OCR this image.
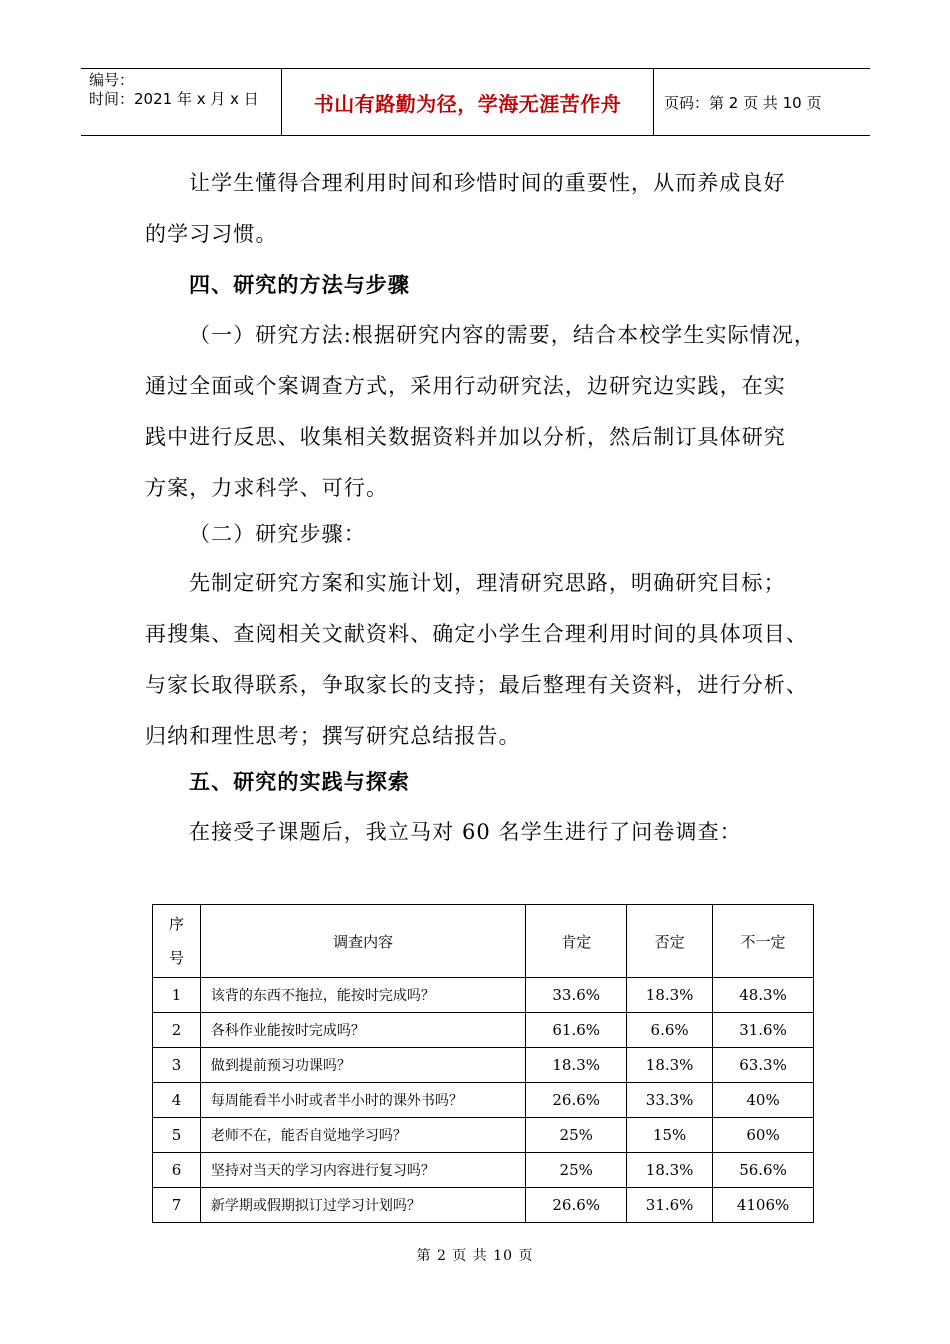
编号：
时间：2021 年 x 月 x 日	书山有路勤为径，学海无涯苦作舟	页码：第 2 页 共 10 页

让学生懂得合理利用时间和珍惜时间的重要性，从而养成良好
的学习习惯。

四、研究的方法与步骤

（一）研究方法:根据研究内容的需要，结合本校学生实际情况，
通过全面或个案调查方式，采用行动研究法，边研究边实践，在实
践中进行反思、收集相关数据资料并加以分析，然后制订具体研究
方案，力求科学、可行。

（二）研究步骤：

先制定研究方案和实施计划，理清研究思路，明确研究目标；
再搜集、查阅相关文献资料、确定小学生合理利用时间的具体项目、
与家长取得联系，争取家长的支持；最后整理有关资料，进行分析、
归纳和理性思考；撰写研究总结报告。

五、研究的实践与探索

在接受子课题后，我立马对 60 名学生进行了问卷调查：

序
号	调查内容	肯定	否定	不一定
1	该背的东西不拖拉，能按时完成吗？	33.6%	18.3%	48.3%
2	各科作业能按时完成吗？	61.6%	6.6%	31.6%
3	做到提前预习功课吗？	18.3%	18.3%	63.3%
4	每周能看半小时或者半小时的课外书吗？	26.6%	33.3%	40%
5	老师不在，能否自觉地学习吗？	25%	15%	60%
6	坚持对当天的学习内容进行复习吗？	25%	18.3%	56.6%
7	新学期或假期拟订过学习计划吗？	26.6%	31.6%	4106%
第 2 页 共 10 页
